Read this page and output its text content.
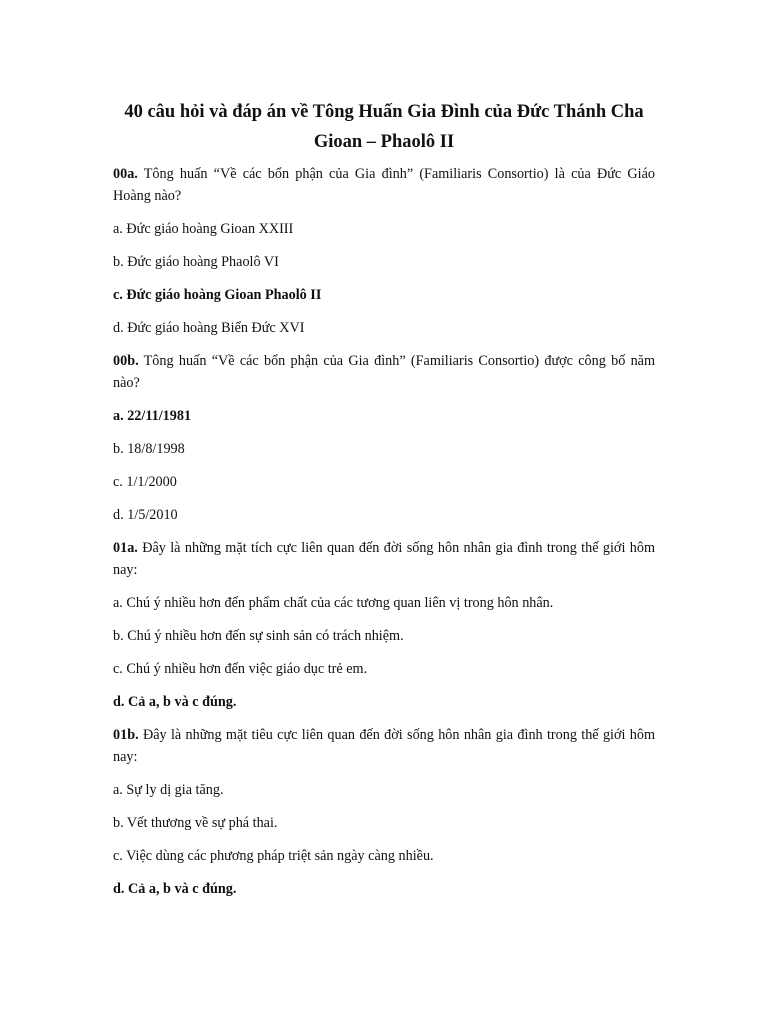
40 câu hỏi và đáp án về Tông Huấn Gia Đình của Đức Thánh Cha
Gioan – Phaolô II

00a. Tông huấn “Về các bổn phận của Gia đình” (Familiaris Consortio) là của Đức Giáo Hoàng nào?

a. Đức giáo hoàng Gioan XXIII

b. Đức giáo hoàng Phaolô VI

c. Đức giáo hoàng Gioan Phaolô II

d. Đức giáo hoàng Biển Đức XVI

00b. Tông huấn “Về các bổn phận của Gia đình” (Familiaris Consortio) được công bố năm nào?

a. 22/11/1981

b. 18/8/1998

c. 1/1/2000

d. 1/5/2010

01a. Đây là những mặt tích cực liên quan đến đời sống hôn nhân gia đình trong thế giới hôm nay:

a. Chú ý nhiều hơn đến phẩm chất của các tương quan liên vị trong hôn nhân.

b. Chú ý nhiều hơn đến sự sinh sản có trách nhiệm.

c. Chú ý nhiều hơn đến việc giáo dục trẻ em.

d. Cả a, b và c đúng.

01b. Đây là những mặt tiêu cực liên quan đến đời sống hôn nhân gia đình trong thế giới hôm nay:

a. Sự ly dị gia tăng.

b. Vết thương về sự phá thai.

c. Việc dùng các phương pháp triệt sản ngày càng nhiều.

d. Cả a, b và c đúng.
